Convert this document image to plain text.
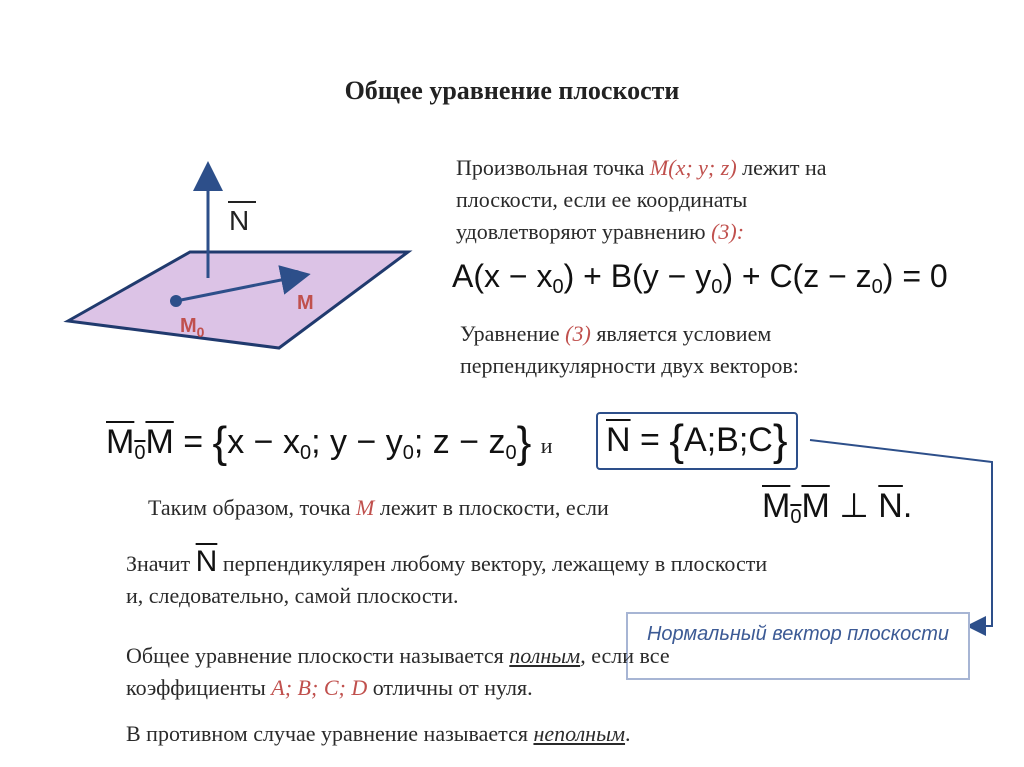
Общее уравнение плоскости
N
M
$M_0$
Произвольная точка M(x; y; z) лежит на
плоскости, если ее координаты
удовлетворяют уравнению (3):
$A(x - x_0) + B(y - y_0) + C(z - z_0) = 0$
Уравнение (3) является условием
перпендикулярности двух векторов:
$M_0M = \{x - x_0$; $y - y_0$; $z - z_0$} и $\overline{N}$ = {A;B;C}
Таким образом, точка M лежит в плоскости, если	$M_0M$ ⊥ $\overline{N}$.
Значит $\overline{N}$ перпендикулярен любому вектору, лежащему в плоскости
и, следовательно, самой плоскости.
Нормальный вектор плоскости
Общее уравнение плоскости называется полным, если все
коэффициенты A; B; C; D отличны от нуля.
В противном случае уравнение называется неполным.
